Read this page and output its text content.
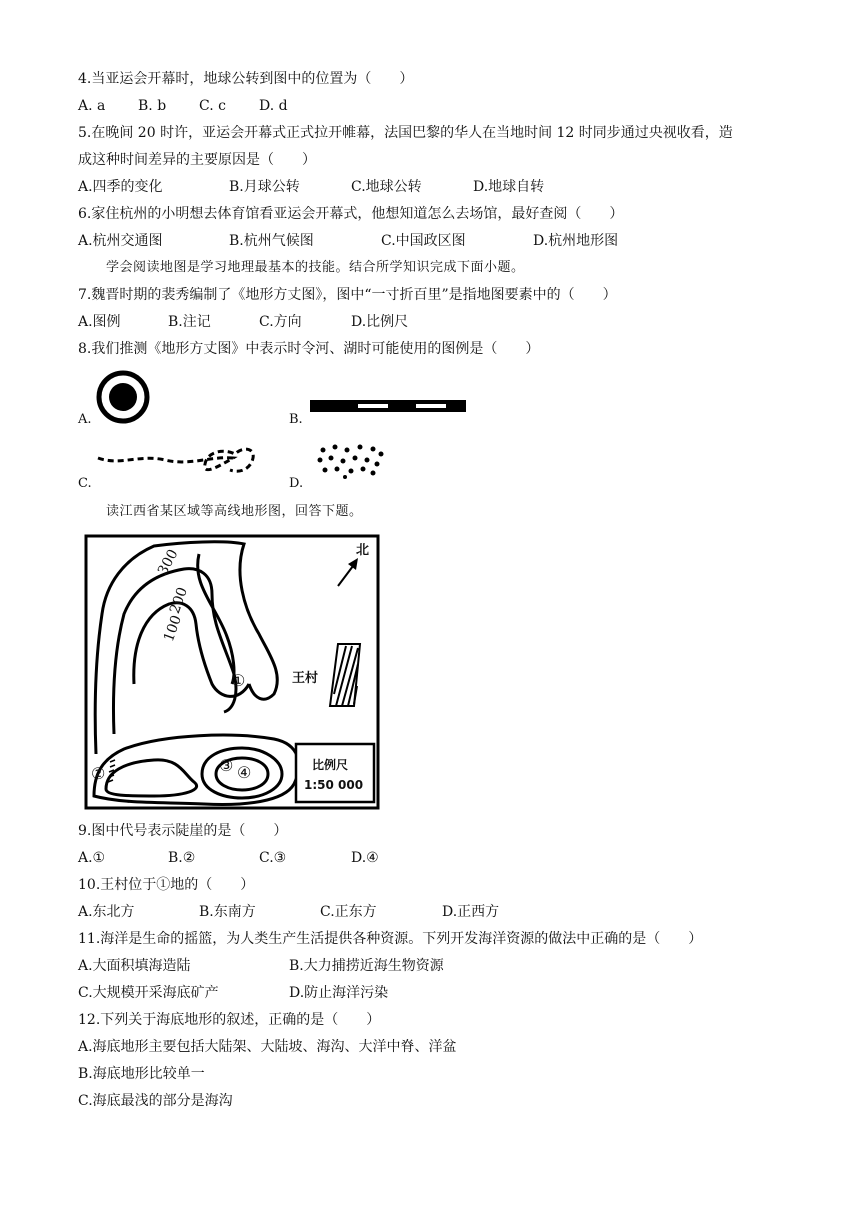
4.当亚运会开幕时，地球公转到图中的位置为（　　）
A. a B. b C. c D. d
5.在晚间 20 时许，亚运会开幕式正式拉开帷幕，法国巴黎的华人在当地时间 12 时同步通过央视收看，造
成这种时间差异的主要原因是（　　）
A.四季的变化	B.月球公转	C.地球公转	D.地球自转
6.家住杭州的小明想去体育馆看亚运会开幕式，他想知道怎么去场馆，最好查阅（　　）
A.杭州交通图	B.杭州气候图	C.中国政区图	D.杭州地形图
学会阅读地图是学习地理最基本的技能。结合所学知识完成下面小题。
7.魏晋时期的裴秀编制了《地形方丈图》，图中“一寸折百里”是指地图要素中的（　　）
A.图例	B.注记	C.方向	D.比例尺
8.我们推测《地形方丈图》中表示时令河、湖时可能使用的图例是（　　）
A.	B.
C.	D.
读江西省某区域等高线地形图，回答下题。
北
300
200
100
王村
①
②	③ ④	比例尺
1:50 000
9.图中代号表示陡崖的是（　　）
A.①	B.②	C.③	D.④
10.王村位于①地的（　　）
A.东北方	B.东南方	C.正东方	D.正西方
11.海洋是生命的摇篮，为人类生产生活提供各种资源。下列开发海洋资源的做法中正确的是（　　）
A.大面积填海造陆	B.大力捕捞近海生物资源
C.大规模开采海底矿产	D.防止海洋污染
12.下列关于海底地形的叙述，正确的是（　　）
A.海底地形主要包括大陆架、大陆坡、海沟、大洋中脊、洋盆
B.海底地形比较单一
C.海底最浅的部分是海沟
